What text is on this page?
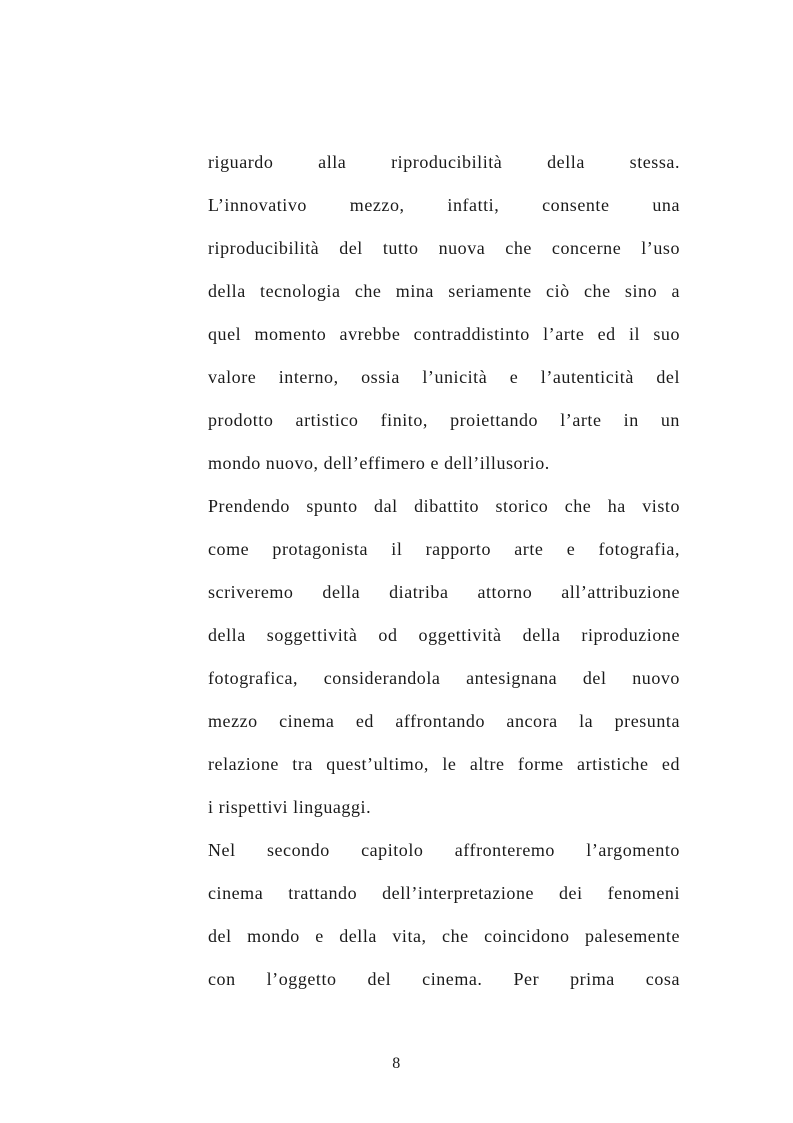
riguardo alla riproducibilità della stessa.
L’innovativo mezzo, infatti, consente una
riproducibilità del tutto nuova che concerne l’uso
della tecnologia che mina seriamente ciò che sino a
quel momento avrebbe contraddistinto l’arte ed il suo
valore interno, ossia l’unicità e l’autenticità del
prodotto artistico finito, proiettando l’arte in un
mondo nuovo, dell’effimero e dell’illusorio.
Prendendo spunto dal dibattito storico che ha visto
come protagonista il rapporto arte e fotografia,
scriveremo della diatriba attorno all’attribuzione
della soggettività od oggettività della riproduzione
fotografica, considerandola antesignana del nuovo
mezzo cinema ed affrontando ancora la presunta
relazione tra quest’ultimo, le altre forme artistiche ed
i rispettivi linguaggi.
Nel secondo capitolo affronteremo l’argomento
cinema trattando dell’interpretazione dei fenomeni
del mondo e della vita, che coincidono palesemente
con l’oggetto del cinema. Per prima cosa
8
